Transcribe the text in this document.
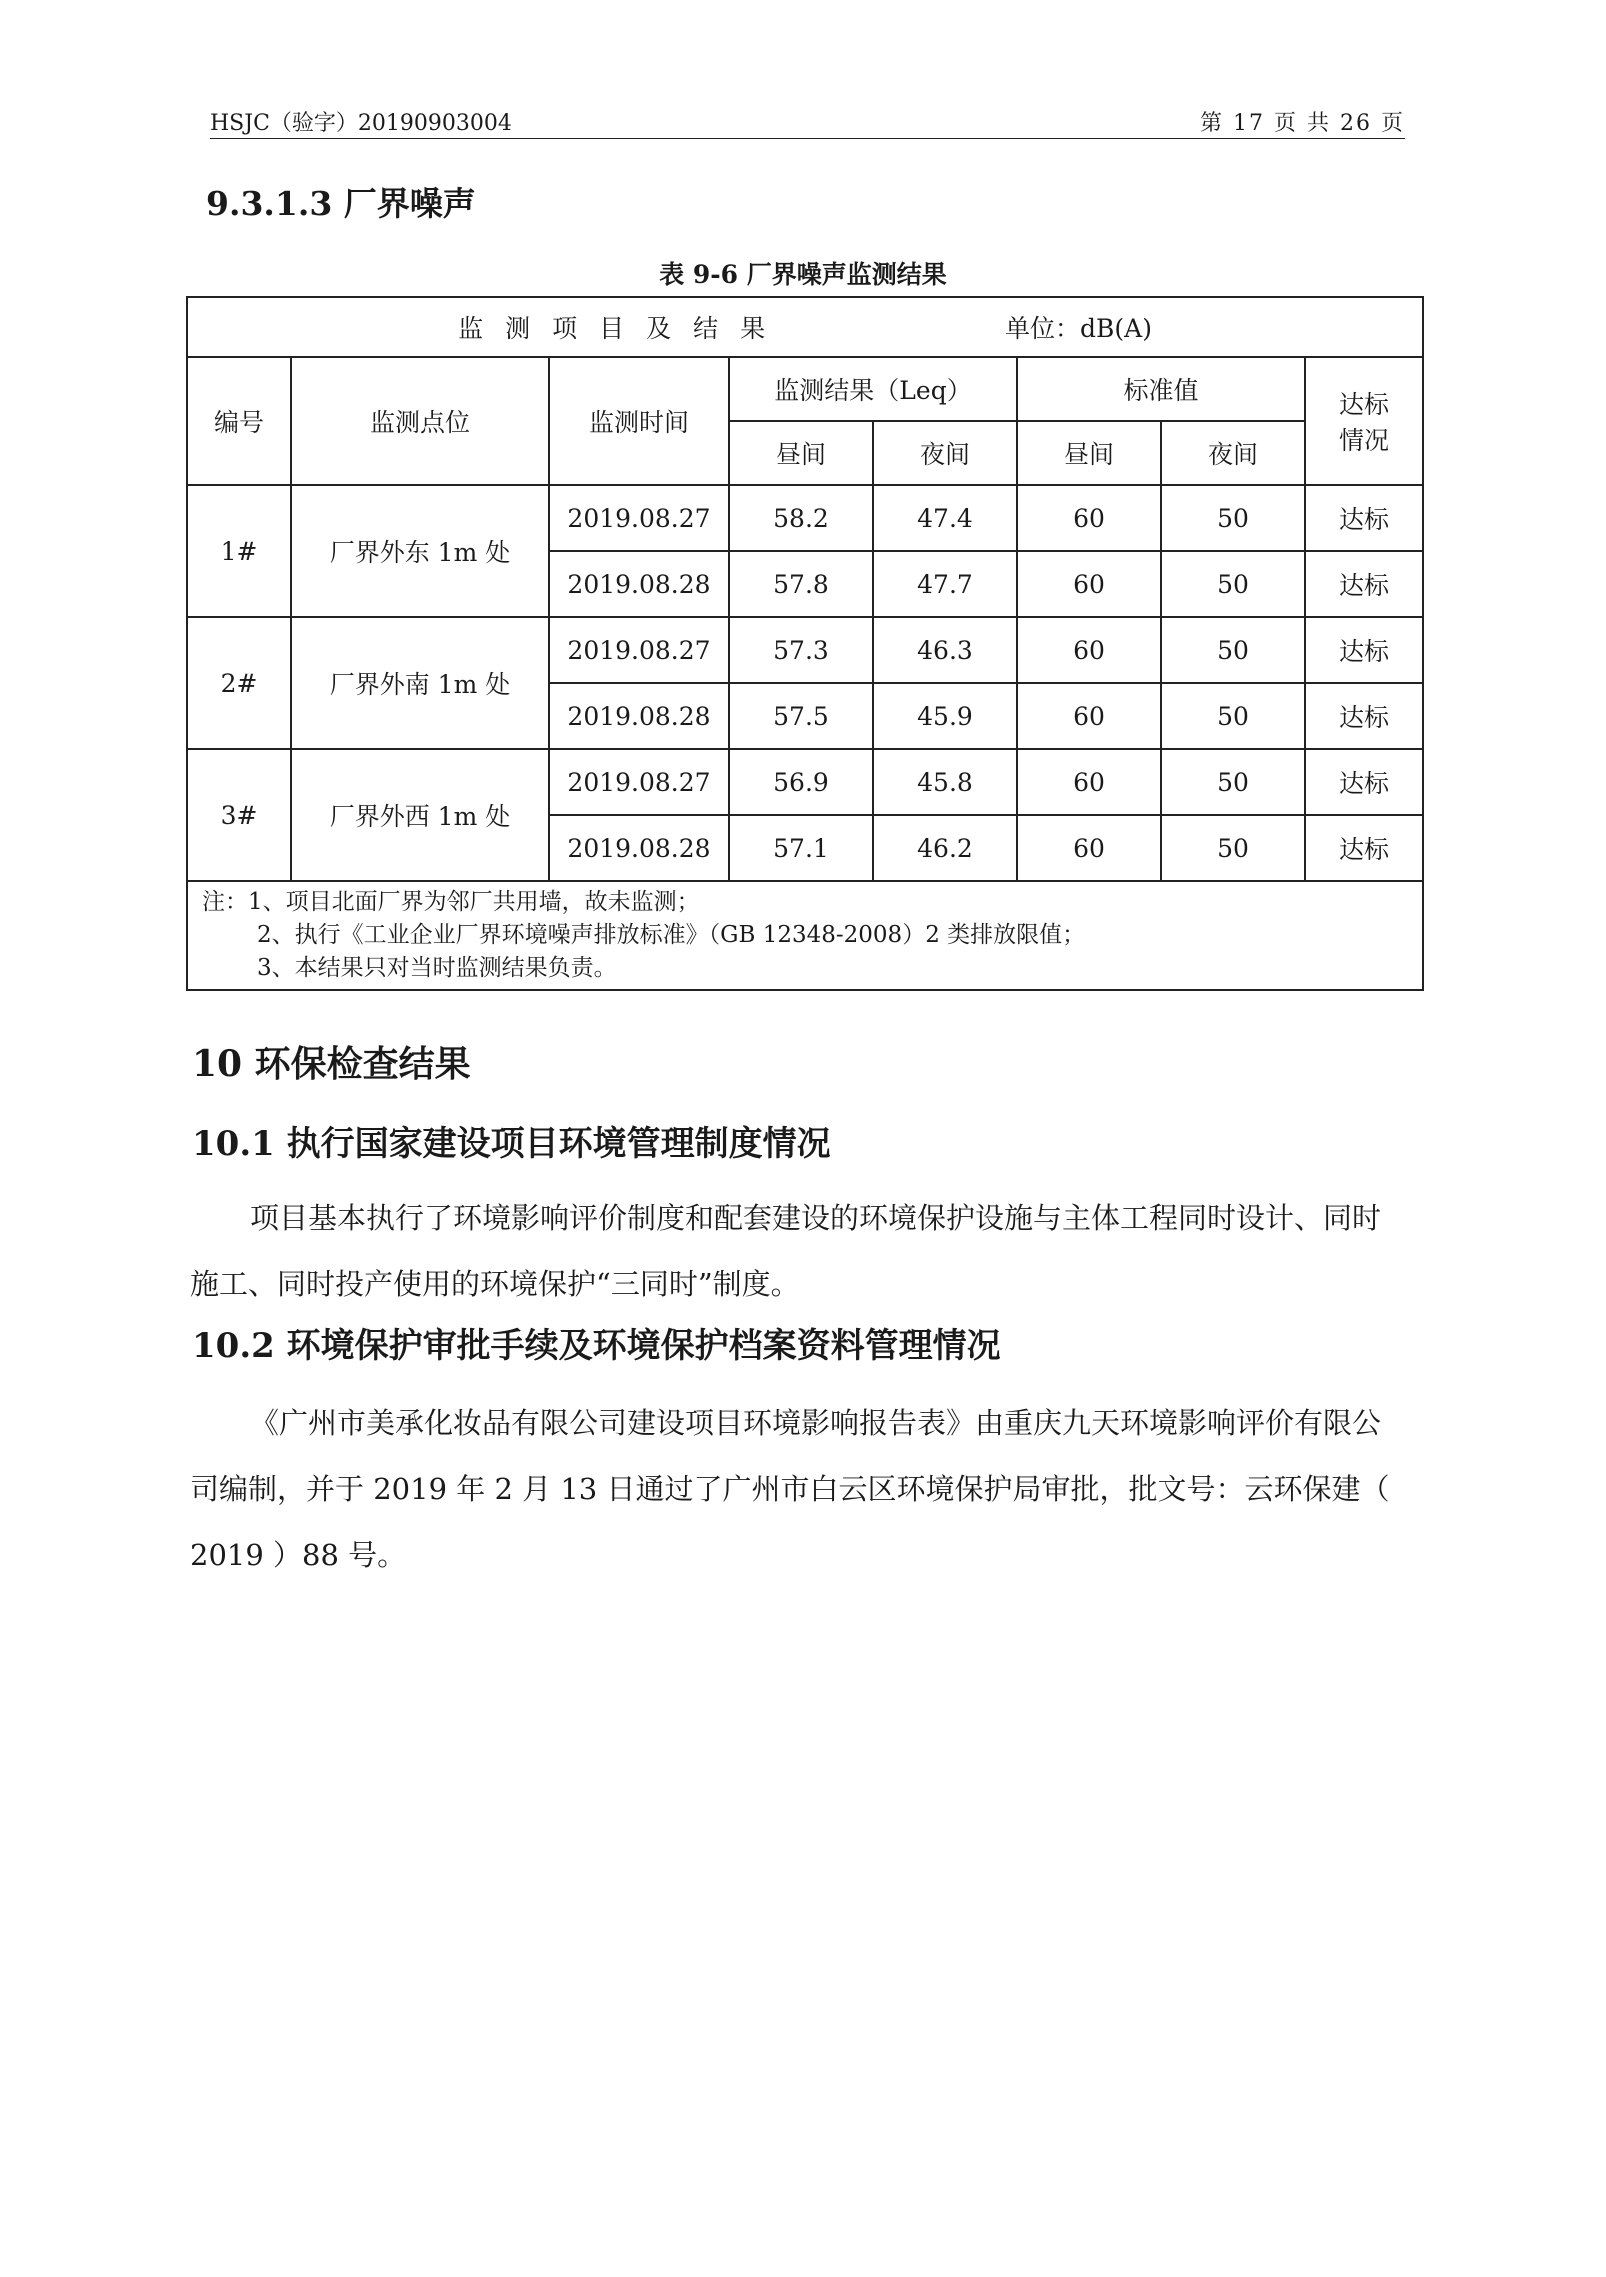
HSJC（验字）20190903004	第 17 页 共 26 页
9.3.1.3 厂界噪声
表 9-6 厂界噪声监测结果
监测项目及结果 单位：dB(A)							
编号	监测点位	监测时间	监测结果（Leq）		标准值		达标
情况
			昼间	夜间	昼间	夜间	
1#	厂界外东 1m 处	2019.08.27	58.2	47.4	60	50	达标
		2019.08.28	57.8	47.7	60	50	达标
2#	厂界外南 1m 处	2019.08.27	57.3	46.3	60	50	达标
		2019.08.28	57.5	45.9	60	50	达标
3#	厂界外西 1m 处	2019.08.27	56.9	45.8	60	50	达标
		2019.08.28	57.1	46.2	60	50	达标

注：1、项目北面厂界为邻厂共用墙，故未监测；
2、执行《工业企业厂界环境噪声排放标准》（GB 12348-2008）2 类排放限值；
3、本结果只对当时监测结果负责。							
10 环保检查结果
10.1 执行国家建设项目环境管理制度情况
项目基本执行了环境影响评价制度和配套建设的环境保护设施与主体工程同时设计、同时施工、同时投产使用的环境保护“三同时”制度。
10.2 环境保护审批手续及环境保护档案资料管理情况
《广州市美承化妆品有限公司建设项目环境影响报告表》由重庆九天环境影响评价有限公司编制，并于 2019 年 2 月 13 日通过了广州市白云区环境保护局审批，批文号：云环保建（ 2019 ）88 号。
